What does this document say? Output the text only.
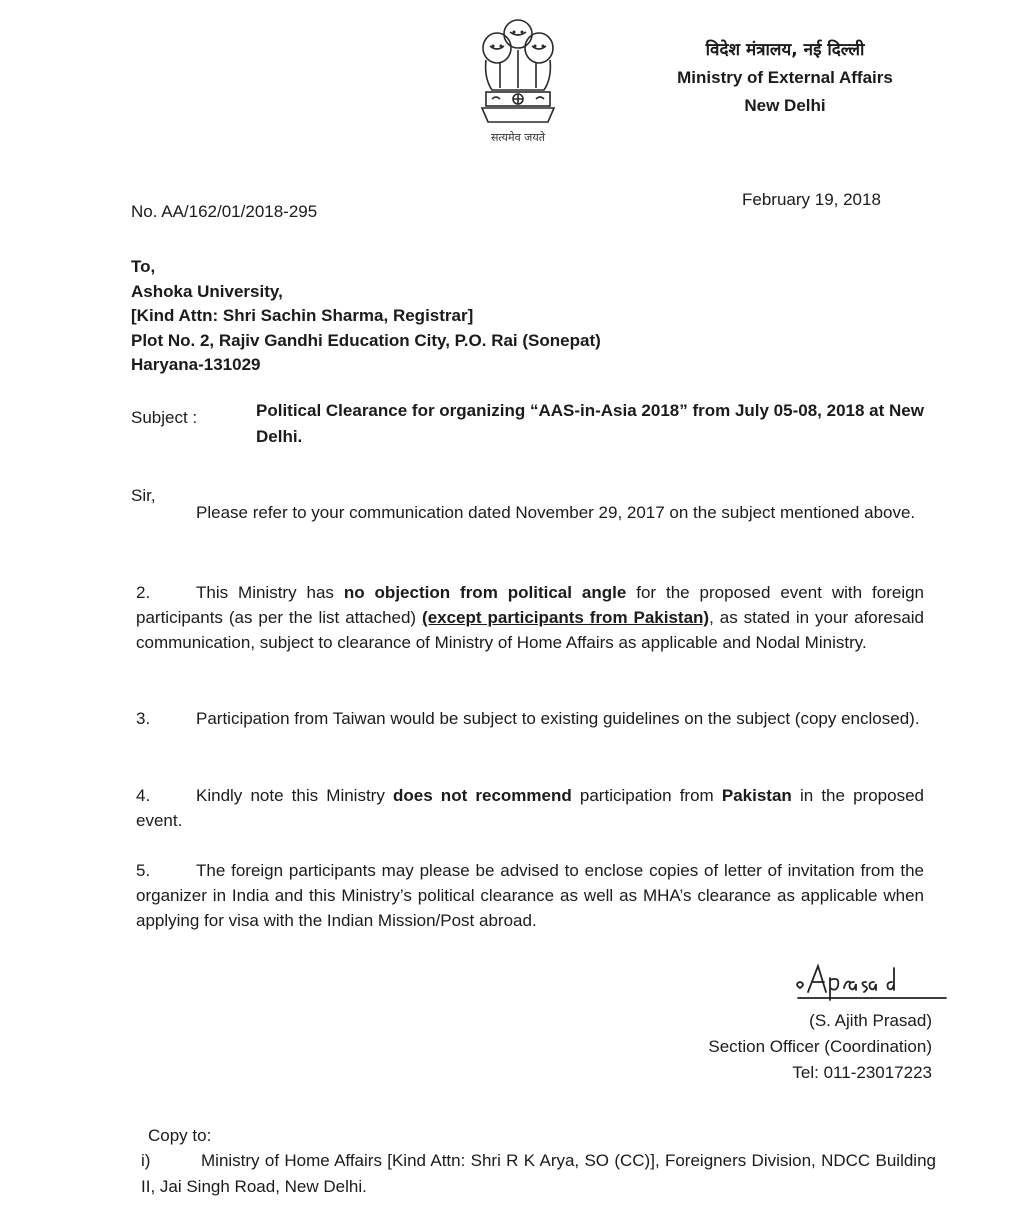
सत्यमेव जयते
विदेश मंत्रालय, नई दिल्ली
Ministry of External Affairs
New Delhi
No. AA/162/01/2018-295
February 19, 2018
To,
Ashoka University,
[Kind Attn: Shri Sachin Sharma, Registrar]
Plot No. 2, Rajiv Gandhi Education City, P.O. Rai (Sonepat)
Haryana-131029
Subject :	Political Clearance for organizing “AAS-in-Asia 2018” from July 05-08, 2018 at New Delhi.
Sir,
Please refer to your communication dated November 29, 2017 on the subject mentioned above.
2.	This Ministry has no objection from political angle for the proposed event with foreign participants (as per the list attached) (except participants from Pakistan), as stated in your aforesaid communication, subject to clearance of Ministry of Home Affairs as applicable and Nodal Ministry.
3.	Participation from Taiwan would be subject to existing guidelines on the subject (copy enclosed).
4.	Kindly note this Ministry does not recommend participation from Pakistan in the proposed event.
5.	The foreign participants may please be advised to enclose copies of letter of invitation from the organizer in India and this Ministry’s political clearance as well as MHA’s clearance as applicable when applying for visa with the Indian Mission/Post abroad.
(S. Ajith Prasad)
Section Officer (Coordination)
Tel: 011-23017223
Copy to:
i)	Ministry of Home Affairs [Kind Attn: Shri R K Arya, SO (CC)], Foreigners Division, NDCC Building II, Jai Singh Road, New Delhi.
